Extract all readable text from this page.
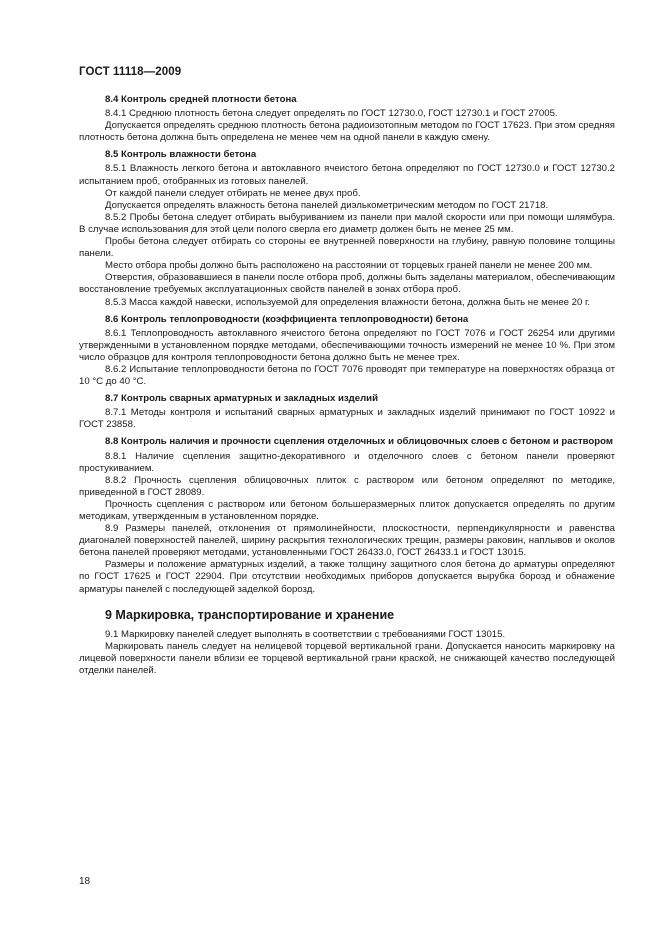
ГОСТ 11118—2009

8.4 Контроль средней плотности бетона

8.4.1 Среднюю плотность бетона следует определять по ГОСТ 12730.0, ГОСТ 12730.1 и ГОСТ 27005.

Допускается определять среднюю плотность бетона радиоизотопным методом по ГОСТ 17623. При этом средняя плотность бетона должна быть определена не менее чем на одной панели в каждую смену.

8.5 Контроль влажности бетона

8.5.1 Влажность легкого бетона и автоклавного ячеистого бетона определяют по ГОСТ 12730.0 и ГОСТ 12730.2 испытанием проб, отобранных из готовых панелей.

От каждой панели следует отбирать не менее двух проб.

Допускается определять влажность бетона панелей диэлькометрическим методом по ГОСТ 21718.

8.5.2 Пробы бетона следует отбирать выбуриванием из панели при малой скорости или при помощи шлямбура. В случае использования для этой цели полого сверла его диаметр должен быть не менее 25 мм.

Пробы бетона следует отбирать со стороны ее внутренней поверхности на глубину, равную половине толщины панели.

Место отбора пробы должно быть расположено на расстоянии от торцевых граней панели не менее 200 мм.

Отверстия, образовавшиеся в панели после отбора проб, должны быть заделаны материалом, обеспечивающим восстановление требуемых эксплуатационных свойств панелей в зонах отбора проб.

8.5.3 Масса каждой навески, используемой для определения влажности бетона, должна быть не менее 20 г.

8.6 Контроль теплопроводности (коэффициента теплопроводности) бетона

8.6.1 Теплопроводность автоклавного ячеистого бетона определяют по ГОСТ 7076 и ГОСТ 26254 или другими утвержденными в установленном порядке методами, обеспечивающими точность измерений не менее 10 %. При этом число образцов для контроля теплопроводности бетона должно быть не менее трех.

8.6.2 Испытание теплопроводности бетона по ГОСТ 7076 проводят при температуре на поверхностях образца от 10 °С до 40 °С.

8.7 Контроль сварных арматурных и закладных изделий

8.7.1 Методы контроля и испытаний сварных арматурных и закладных изделий принимают по ГОСТ 10922 и ГОСТ 23858.

8.8 Контроль наличия и прочности сцепления отделочных и облицовочных слоев с бетоном и раствором

8.8.1 Наличие сцепления защитно-декоративного и отделочного слоев с бетоном панели проверяют простукиванием.

8.8.2 Прочность сцепления облицовочных плиток с раствором или бетоном определяют по методике, приведенной в ГОСТ 28089.

Прочность сцепления с раствором или бетоном большеразмерных плиток допускается определять по другим методикам, утвержденным в установленном порядке.

8.9 Размеры панелей, отклонения от прямолинейности, плоскостности, перпендикулярности и равенства диагоналей поверхностей панелей, ширину раскрытия технологических трещин, размеры раковин, наплывов и околов бетона панелей проверяют методами, установленными ГОСТ 26433.0, ГОСТ 26433.1 и ГОСТ 13015.

Размеры и положение арматурных изделий, а также толщину защитного слоя бетона до арматуры определяют по ГОСТ 17625 и ГОСТ 22904. При отсутствии необходимых приборов допускается вырубка борозд и обнажение арматуры панелей с последующей заделкой борозд.

9 Маркировка, транспортирование и хранение

9.1 Маркировку панелей следует выполнять в соответствии с требованиями ГОСТ 13015.

Маркировать панель следует на нелицевой торцевой вертикальной грани. Допускается наносить маркировку на лицевой поверхности панели вблизи ее торцевой вертикальной грани краской, не снижающей качество последующей отделки панелей.

18
